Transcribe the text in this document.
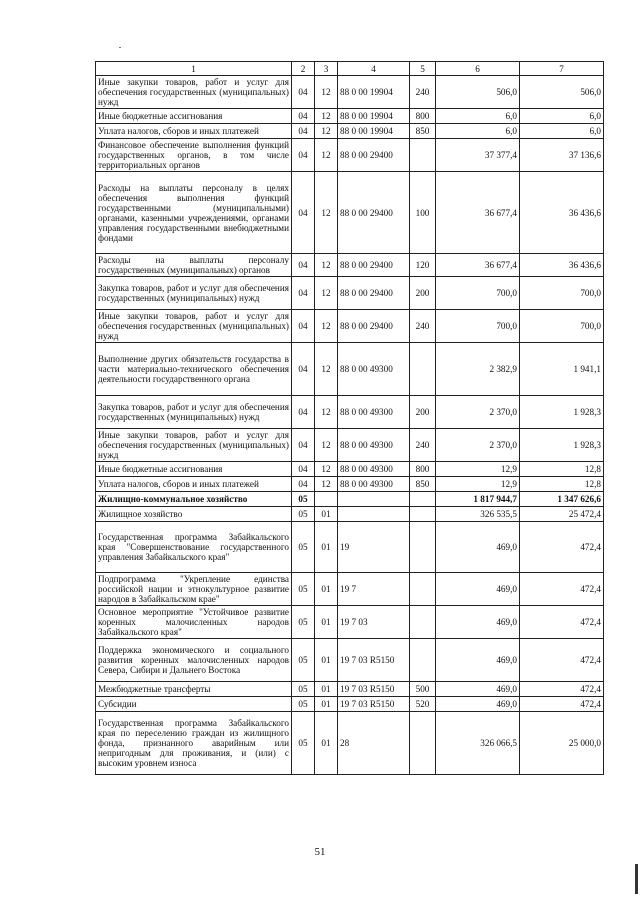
1	2	3	4	5	6	7
Иные закупки товаров, работ и услуг для обеспечения государственных (муниципальных) нужд	04	12	88 0 00 19904	240	506,0	506,0
Иные бюджетные ассигнования	04	12	88 0 00 19904	800	6,0	6,0
Уплата налогов, сборов и иных платежей	04	12	88 0 00 19904	850	6,0	6,0
Финансовое обеспечение выполнения функций государственных органов, в том числе территориальных органов	04	12	88 0 00 29400		37 377,4	37 136,6
Расходы на выплаты персоналу в целях обеспечения выполнения функций государственными (муниципальными) органами, казенными учреждениями, органами управления государственными внебюджетными фондами	04	12	88 0 00 29400	100	36 677,4	36 436,6
Расходы на выплаты персоналу государственных (муниципальных) органов	04	12	88 0 00 29400	120	36 677,4	36 436,6
Закупка товаров, работ и услуг для обеспечения государственных (муниципальных) нужд	04	12	88 0 00 29400	200	700,0	700,0
Иные закупки товаров, работ и услуг для обеспечения государственных (муниципальных) нужд	04	12	88 0 00 29400	240	700,0	700,0
Выполнение других обязательств государства в части материально-технического обеспечения деятельности государственного органа	04	12	88 0 00 49300		2 382,9	1 941,1
Закупка товаров, работ и услуг для обеспечения государственных (муниципальных) нужд	04	12	88 0 00 49300	200	2 370,0	1 928,3
Иные закупки товаров, работ и услуг для обеспечения государственных (муниципальных) нужд	04	12	88 0 00 49300	240	2 370,0	1 928,3
Иные бюджетные ассигнования	04	12	88 0 00 49300	800	12,9	12,8
Уплата налогов, сборов и иных платежей	04	12	88 0 00 49300	850	12,9	12,8
Жилищно-коммунальное хозяйство	05				1 817 944,7	1 347 626,6
Жилищное хозяйство	05	01			326 535,5	25 472,4
Государственная программа Забайкальского края "Совершенствование государственного управления Забайкальского края"	05	01	19		469,0	472,4
Подпрограмма "Укрепление единства российской нации и этнокультурное развитие народов в Забайкальском крае"	05	01	19 7		469,0	472,4
Основное мероприятие "Устойчивое развитие коренных малочисленных народов Забайкальского края"	05	01	19 7 03		469,0	472,4
Поддержка экономического и социального развития коренных малочисленных народов Севера, Сибири и Дальнего Востока	05	01	19 7 03 R5150		469,0	472,4
Межбюджетные трансферты	05	01	19 7 03 R5150	500	469,0	472,4
Субсидии	05	01	19 7 03 R5150	520	469,0	472,4
Государственная программа Забайкальского края по переселению граждан из жилищного фонда, признанного аварийным или непригодным для проживания, и (или) с высоким уровнем износа	05	01	28		326 066,5	25 000,0
51
